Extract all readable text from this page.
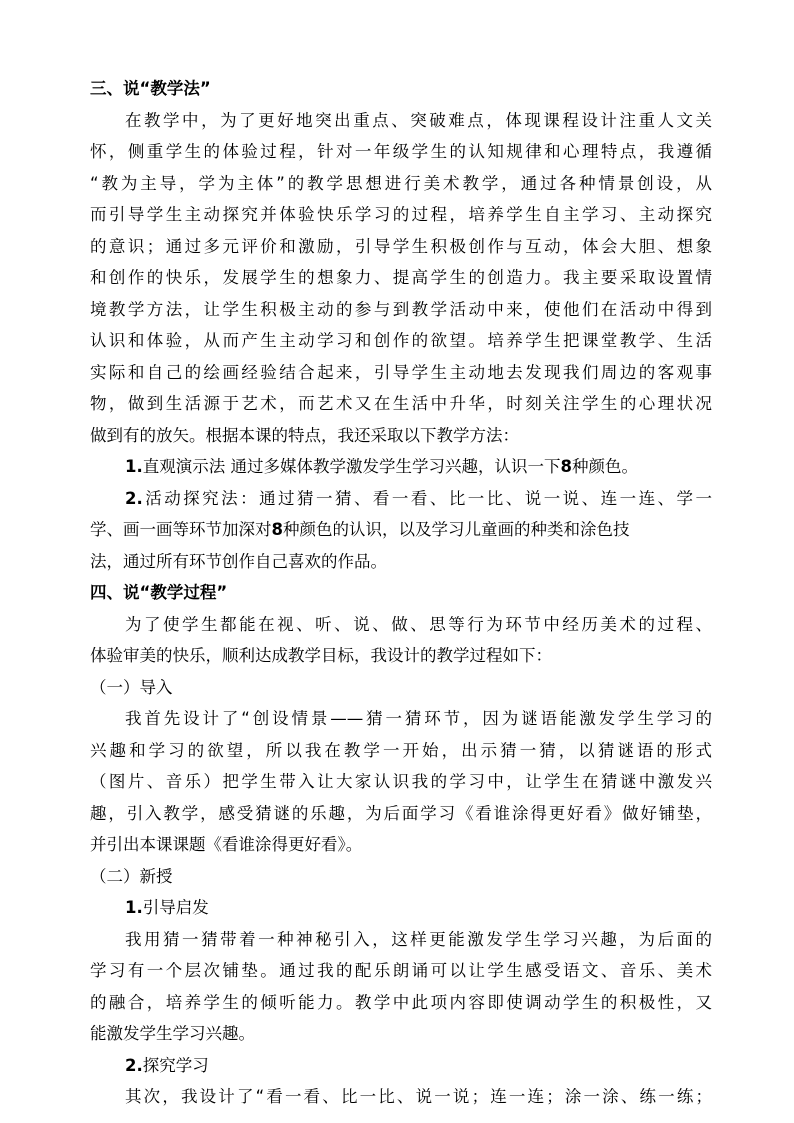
三、说“教学法”
在教学中，为了更好地突出重点、突破难点，体现课程设计注重人文关
怀，侧重学生的体验过程，针对一年级学生的认知规律和心理特点，我遵循
“教为主导，学为主体”的教学思想进行美术教学，通过各种情景创设，从
而引导学生主动探究并体验快乐学习的过程，培养学生自主学习、主动探究
的意识；通过多元评价和激励，引导学生积极创作与互动，体会大胆、想象
和创作的快乐，发展学生的想象力、提高学生的创造力。我主要采取设置情
境教学方法，让学生积极主动的参与到教学活动中来，使他们在活动中得到
认识和体验，从而产生主动学习和创作的欲望。培养学生把课堂教学、生活
实际和自己的绘画经验结合起来，引导学生主动地去发现我们周边的客观事
物，做到生活源于艺术，而艺术又在生活中升华，时刻关注学生的心理状况
做到有的放矢。根据本课的特点，我还采取以下教学方法：
1.直观演示法 通过多媒体教学激发学生学习兴趣，认识一下8种颜色。
2.活动探究法：通过猜一猜、看一看、比一比、说一说、连一连、学一
学、画一画等环节加深对8种颜色的认识，以及学习儿童画的种类和涂色技
法，通过所有环节创作自己喜欢的作品。
四、说“教学过程”
为了使学生都能在视、听、说、做、思等行为环节中经历美术的过程、
体验审美的快乐，顺利达成教学目标，我设计的教学过程如下：
（一）导入
我首先设计了“创设情景——猜一猜环节，因为谜语能激发学生学习的
兴趣和学习的欲望，所以我在教学一开始，出示猜一猜，以猜谜语的形式
（图片、音乐）把学生带入让大家认识我的学习中，让学生在猜谜中激发兴
趣，引入教学，感受猜谜的乐趣，为后面学习《看谁涂得更好看》做好铺垫，
并引出本课课题《看谁涂得更好看》。
（二）新授
1.引导启发
我用猜一猜带着一种神秘引入，这样更能激发学生学习兴趣，为后面的
学习有一个层次铺垫。通过我的配乐朗诵可以让学生感受语文、音乐、美术
的融合，培养学生的倾听能力。教学中此项内容即使调动学生的积极性，又
能激发学生学习兴趣。
2.探究学习
其次，我设计了“看一看、比一比、说一说；连一连；涂一涂、练一练；
